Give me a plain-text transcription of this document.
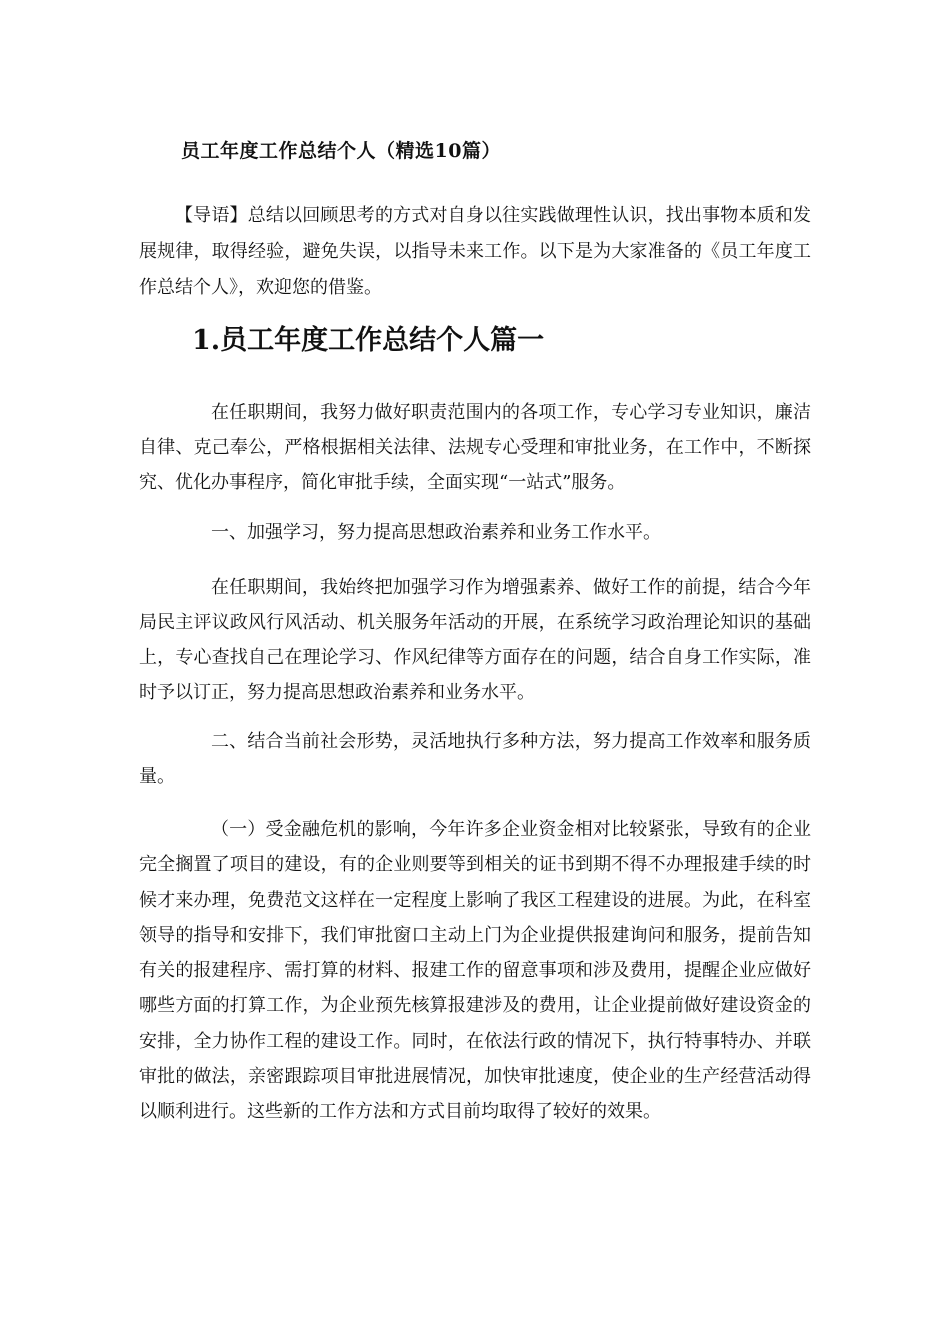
员工年度工作总结个人（精选10篇）
【导语】总结以回顾思考的方式对自身以往实践做理性认识，找出事物本质和发展规律，取得经验，避免失误，以指导未来工作。以下是为大家准备的《员工年度工作总结个人》，欢迎您的借鉴。
1.员工年度工作总结个人篇一

在任职期间，我努力做好职责范围内的各项工作，专心学习专业知识，廉洁自律、克己奉公，严格根据相关法律、法规专心受理和审批业务，在工作中，不断探究、优化办事程序，简化审批手续，全面实现“一站式”服务。

一、加强学习，努力提高思想政治素养和业务工作水平。

在任职期间，我始终把加强学习作为增强素养、做好工作的前提，结合今年局民主评议政风行风活动、机关服务年活动的开展，在系统学习政治理论知识的基础上，专心查找自己在理论学习、作风纪律等方面存在的问题，结合自身工作实际，准时予以订正，努力提高思想政治素养和业务水平。

二、结合当前社会形势，灵活地执行多种方法，努力提高工作效率和服务质量。

（一）受金融危机的影响，今年许多企业资金相对比较紧张，导致有的企业完全搁置了项目的建设，有的企业则要等到相关的证书到期不得不办理报建手续的时候才来办理，免费范文这样在一定程度上影响了我区工程建设的进展。为此，在科室领导的指导和安排下，我们审批窗口主动上门为企业提供报建询问和服务，提前告知有关的报建程序、需打算的材料、报建工作的留意事项和涉及费用，提醒企业应做好哪些方面的打算工作，为企业预先核算报建涉及的费用，让企业提前做好建设资金的安排，全力协作工程的建设工作。同时，在依法行政的情况下，执行特事特办、并联审批的做法，亲密跟踪项目审批进展情况，加快审批速度，使企业的生产经营活动得以顺利进行。这些新的工作方法和方式目前均取得了较好的效果。
